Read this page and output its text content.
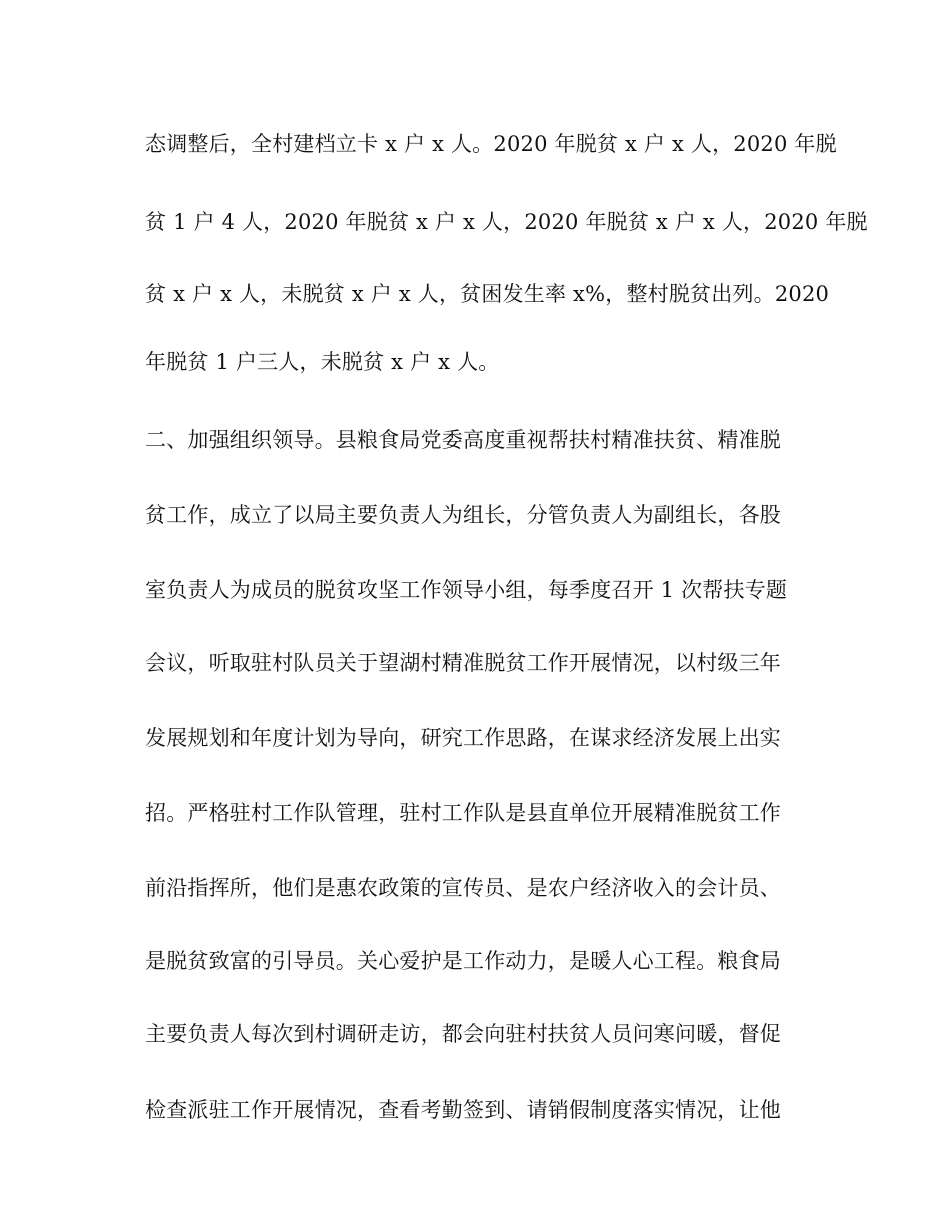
态调整后，全村建档立卡 x 户 x 人。2020 年脱贫 x 户 x 人，2020 年脱
贫 1 户 4 人，2020 年脱贫 x 户 x 人，2020 年脱贫 x 户 x 人，2020 年脱
贫 x 户 x 人，未脱贫 x 户 x 人，贫困发生率 x%，整村脱贫出列。2020
年脱贫 1 户三人，未脱贫 x 户 x 人。
二、加强组织领导。县粮食局党委高度重视帮扶村精准扶贫、精准脱
贫工作，成立了以局主要负责人为组长，分管负责人为副组长，各股
室负责人为成员的脱贫攻坚工作领导小组，每季度召开 1 次帮扶专题
会议，听取驻村队员关于望湖村精准脱贫工作开展情况，以村级三年
发展规划和年度计划为导向，研究工作思路，在谋求经济发展上出实
招。严格驻村工作队管理，驻村工作队是县直单位开展精准脱贫工作
前沿指挥所，他们是惠农政策的宣传员、是农户经济收入的会计员、
是脱贫致富的引导员。关心爱护是工作动力，是暖人心工程。粮食局
主要负责人每次到村调研走访，都会向驻村扶贫人员问寒问暖，督促
检查派驻工作开展情况，查看考勤签到、请销假制度落实情况，让他
